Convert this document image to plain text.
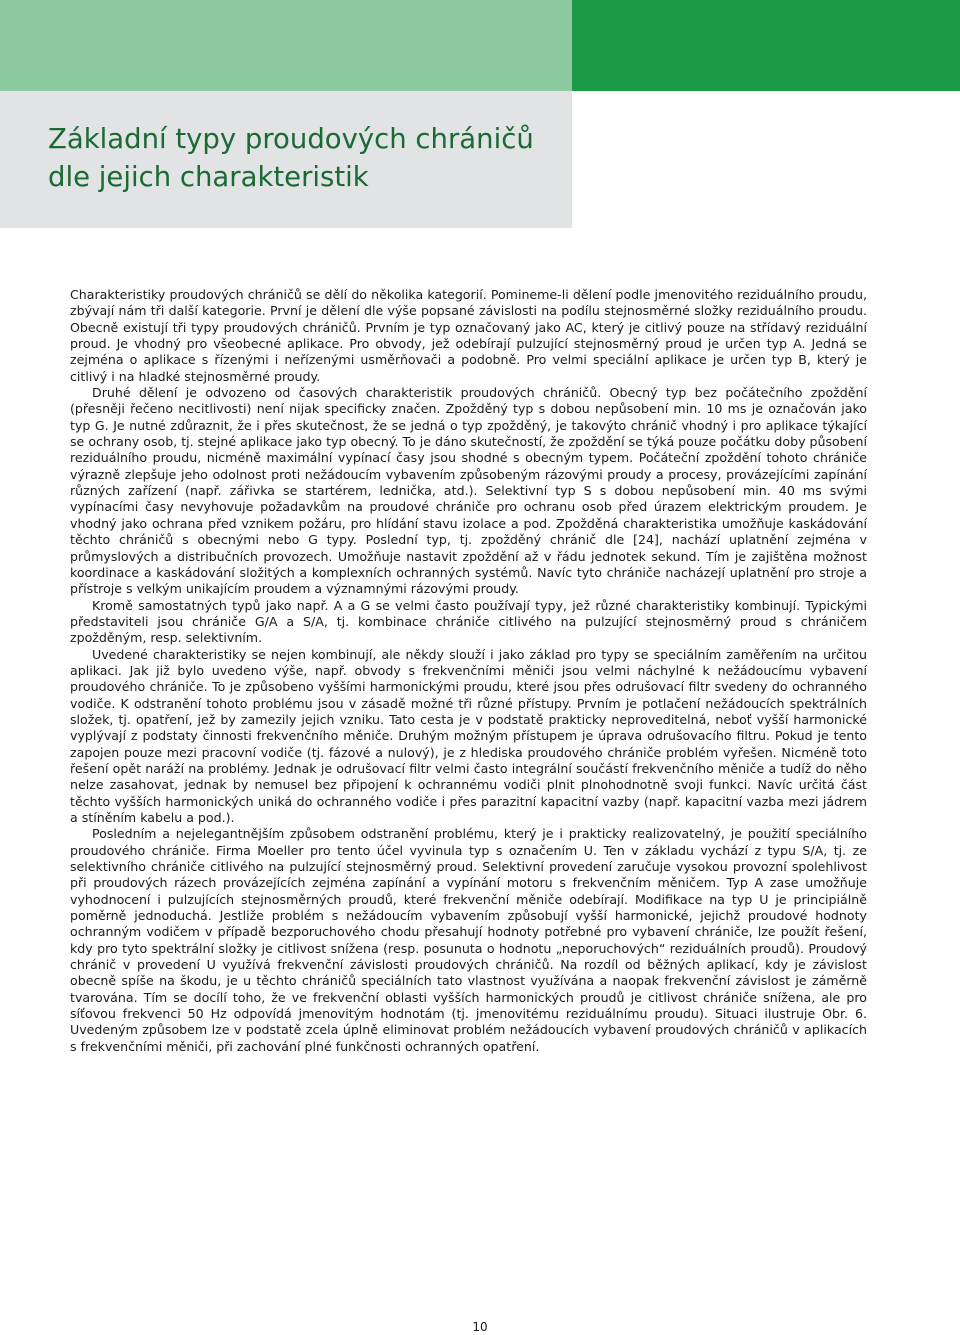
Základní typy proudových chráničů
dle jejich charakteristik

Charakteristiky proudových chráničů se dělí do několika kategorií. Pomineme-li dělení podle jmenovitého reziduálního proudu, zbývají nám tři další kategorie. První je dělení dle výše popsané závislosti na podílu stejnosměrné složky reziduálního proudu. Obecně existují tři typy proudových chráničů. Prvním je typ označovaný jako AC, který je citlivý pouze na střídavý reziduální proud. Je vhodný pro všeobecné aplikace. Pro obvody, jež odebírají pulzující stejnosměrný proud je určen typ A. Jedná se zejména o aplikace s řízenými i neřízenými usměrňovači a podobně. Pro velmi speciální aplikace je určen typ B, který je citlivý i na hladké stejnosměrné proudy.

Druhé dělení je odvozeno od časových charakteristik proudových chráničů. Obecný typ bez počátečního zpoždění (přesněji řečeno necitlivosti) není nijak specificky značen. Zpožděný typ s dobou nepůsobení min. 10 ms je označován jako typ G. Je nutné zdůraznit, že i přes skutečnost, že se jedná o typ zpožděný, je takovýto chránič vhodný i pro aplikace týkající se ochrany osob, tj. stejné aplikace jako typ obecný. To je dáno skutečností, že zpoždění se týká pouze počátku doby působení reziduálního proudu, nicméně maximální vypínací časy jsou shodné s obecným typem. Počáteční zpoždění tohoto chrániče výrazně zlepšuje jeho odolnost proti nežádoucím vybavením způsobeným rázovými proudy a procesy, provázejícími zapínání různých zařízení (např. zářivka se startérem, lednička, atd.). Selektivní typ S s dobou nepůsobení min. 40 ms svými vypínacími časy nevyhovuje požadavkům na proudové chrániče pro ochranu osob před úrazem elektrickým proudem. Je vhodný jako ochrana před vznikem požáru, pro hlídání stavu izolace a pod. Zpožděná charakteristika umožňuje kaskádování těchto chráničů s obecnými nebo G typy. Poslední typ, tj. zpožděný chránič dle [24], nachází uplatnění zejména v průmyslových a distribučních provozech. Umožňuje nastavit zpoždění až v řádu jednotek sekund. Tím je zajištěna možnost koordinace a kaskádování složitých a komplexních ochranných systémů. Navíc tyto chrániče nacházejí uplatnění pro stroje a přístroje s velkým unikajícím proudem a významnými rázovými proudy.

Kromě samostatných typů jako např. A a G se velmi často používají typy, jež různé charakteristiky kombinují. Typickými představiteli jsou chrániče G/A a S/A, tj. kombinace chrániče citlivého na pulzující stejnosměrný proud s chráničem zpožděným, resp. selektivním.

Uvedené charakteristiky se nejen kombinují, ale někdy slouží i jako základ pro typy se speciálním zaměřením na určitou aplikaci. Jak již bylo uvedeno výše, např. obvody s frekvenčními měniči jsou velmi náchylné k nežádoucímu vybavení proudového chrániče. To je způsobeno vyššími harmonickými proudu, které jsou přes odrušovací filtr svedeny do ochranného vodiče. K odstranění tohoto problému jsou v zásadě možné tři různé přístupy. Prvním je potlačení nežádoucích spektrálních složek, tj. opatření, jež by zamezily jejich vzniku. Tato cesta je v podstatě prakticky neproveditelná, neboť vyšší harmonické vyplývají z podstaty činnosti frekvenčního měniče. Druhým možným přístupem je úprava odrušovacího filtru. Pokud je tento zapojen pouze mezi pracovní vodiče (tj. fázové a nulový), je z hlediska proudového chrániče problém vyřešen. Nicméně toto řešení opět naráží na problémy. Jednak je odrušovací filtr velmi často integrální součástí frekvenčního měniče a tudíž do něho nelze zasahovat, jednak by nemusel bez připojení k ochrannému vodiči plnit plnohodnotně svoji funkci. Navíc určitá část těchto vyšších harmonických uniká do ochranného vodiče i přes parazitní kapacitní vazby (např. kapacitní vazba mezi jádrem a stíněním kabelu a pod.).

Posledním a nejelegantnějším způsobem odstranění problému, který je i prakticky realizovatelný, je použití speciálního proudového chrániče. Firma Moeller pro tento účel vyvinula typ s označením U. Ten v základu vychází z typu S/A, tj. ze selektivního chrániče citlivého na pulzující stejnosměrný proud. Selektivní provedení zaručuje vysokou provozní spolehlivost při proudových rázech provázejících zejména zapínání a vypínání motoru s frekvenčním měničem. Typ A zase umožňuje vyhodnocení i pulzujících stejnosměrných proudů, které frekvenční měniče odebírají. Modifikace na typ U je principiálně poměrně jednoduchá. Jestliže problém s nežádoucím vybavením způsobují vyšší harmonické, jejichž proudové hodnoty ochranným vodičem v případě bezporuchového chodu přesahují hodnoty potřebné pro vybavení chrániče, lze použít řešení, kdy pro tyto spektrální složky je citlivost snížena (resp. posunuta o hodnotu „neporuchových“ reziduálních proudů). Proudový chránič v provedení U využívá frekvenční závislosti proudových chráničů. Na rozdíl od běžných aplikací, kdy je závislost obecně spíše na škodu, je u těchto chráničů speciálních tato vlastnost využívána a naopak frekvenční závislost je záměrně tvarována. Tím se docílí toho, že ve frekvenční oblasti vyšších harmonických proudů je citlivost chrániče snížena, ale pro síťovou frekvenci 50 Hz odpovídá jmenovitým hodnotám (tj. jmenovitému reziduálnímu proudu). Situaci ilustruje Obr. 6. Uvedeným způsobem lze v podstatě zcela úplně eliminovat problém nežádoucích vybavení proudových chráničů v aplikacích s frekvenčními měniči, při zachování plné funkčnosti ochranných opatření.

10
